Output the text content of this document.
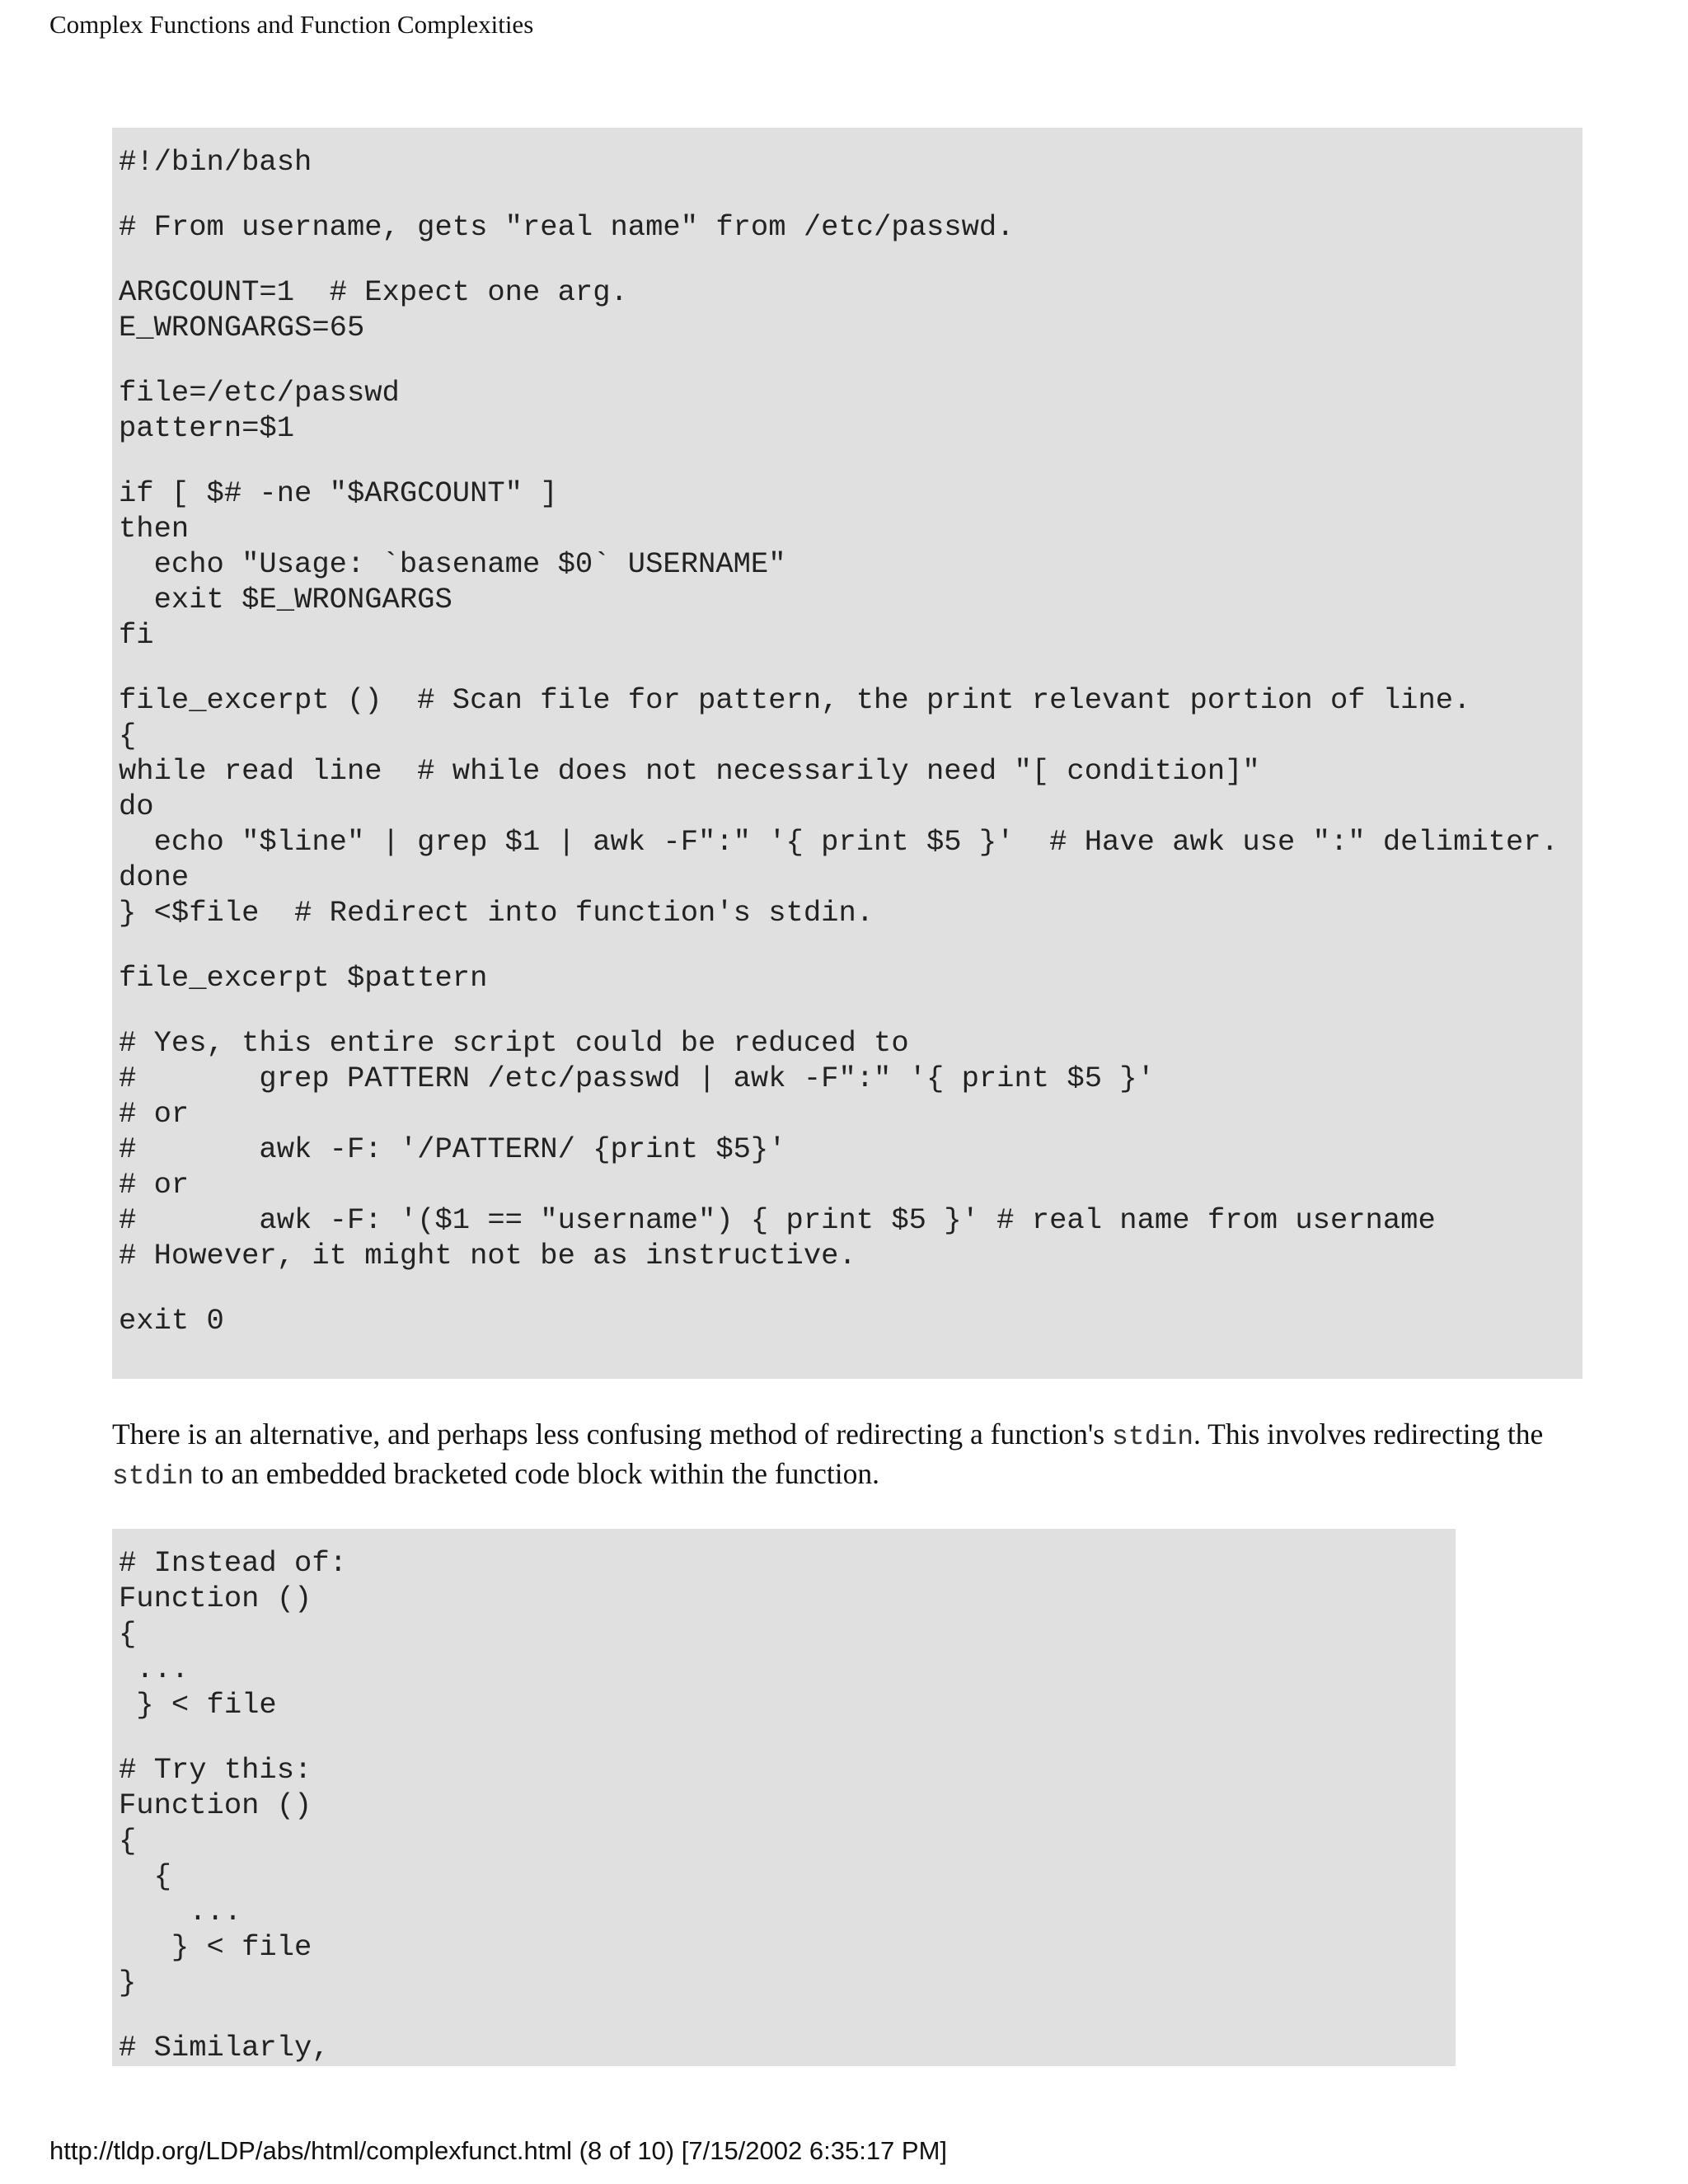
Complex Functions and Function Complexities
#!/bin/bash
# From username, gets "real name" from /etc/passwd.
ARGCOUNT=1  # Expect one arg.
E_WRONGARGS=65
file=/etc/passwd
pattern=$1
if [ $# -ne "$ARGCOUNT" ]
then
echo "Usage: `basename $0` USERNAME"
exit $E_WRONGARGS
fi
file_excerpt ()  # Scan file for pattern, the print relevant portion of line.
{
while read line  # while does not necessarily need "[ condition]"
do
echo "$line" | grep $1 | awk -F":" '{ print $5 }'  # Have awk use ":" delimiter.
done
} <$file  # Redirect into function's stdin.
file_excerpt $pattern
# Yes, this entire script could be reduced to
#       grep PATTERN /etc/passwd | awk -F":" '{ print $5 }'
# or
#       awk -F: '/PATTERN/ {print $5}'
# or
#       awk -F: '($1 == "username") { print $5 }' # real name from username
# However, it might not be as instructive.
exit 0
There is an alternative, and perhaps less confusing method of redirecting a function's stdin. This involves redirecting the stdin to an embedded bracketed code block within the function.
# Instead of:
Function ()
{
...
} < file
# Try this:
Function ()
{
{
...
} < file
}
# Similarly,
http://tldp.org/LDP/abs/html/complexfunct.html (8 of 10) [7/15/2002 6:35:17 PM]
